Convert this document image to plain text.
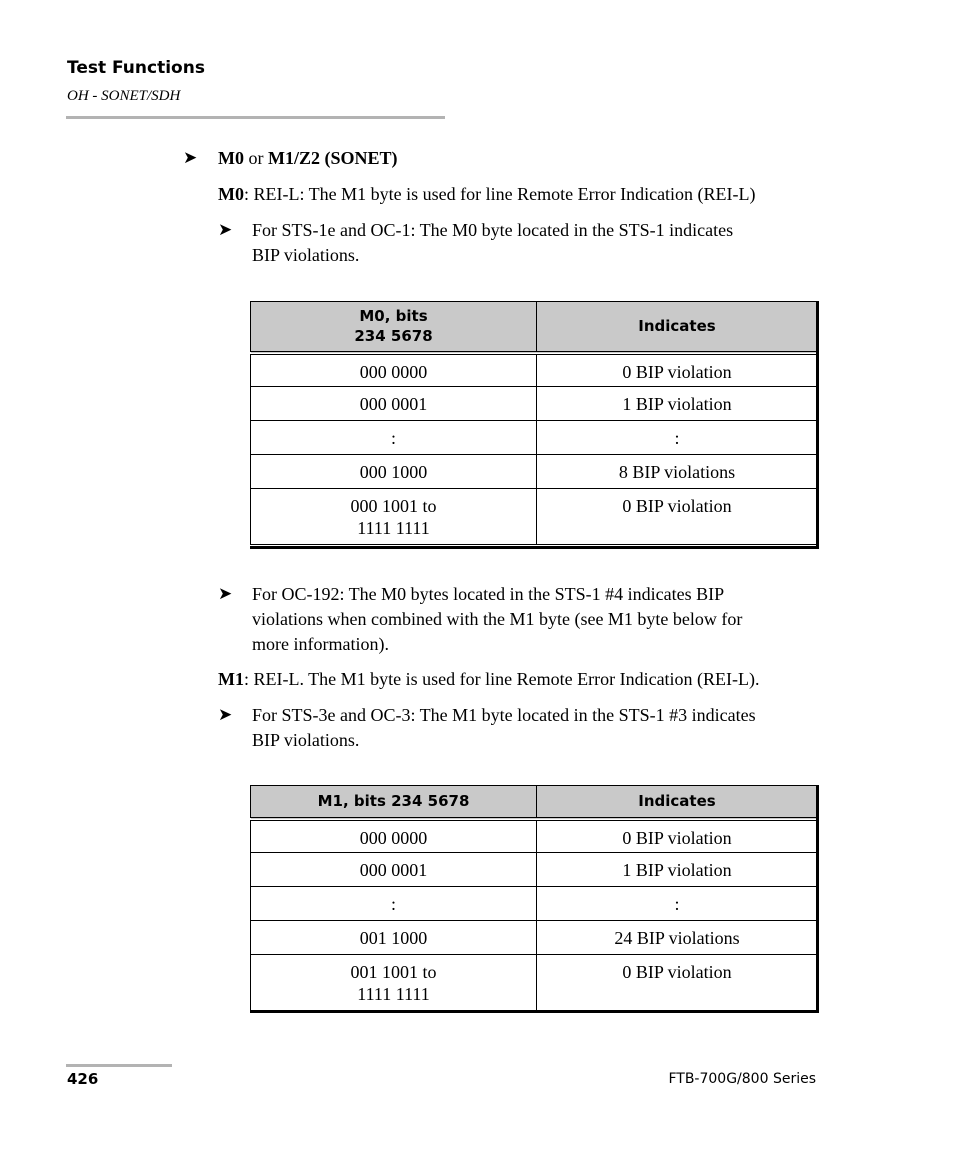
Test Functions
OH - SONET/SDH
➤ M0 or M1/Z2 (SONET)
M0: REI-L: The M1 byte is used for line Remote Error Indication (REI-L)
➤ For STS-1e and OC-1: The M0 byte located in the STS-1 indicates
BIP violations.
M0, bits
234 5678	Indicates
000 0000	0 BIP violation
000 0001	1 BIP violation
:	:
000 1000	8 BIP violations

000 1001 to
1111 1111	0 BIP violation
➤ For OC-192: The M0 bytes located in the STS-1 #4 indicates BIP
violations when combined with the M1 byte (see M1 byte below for
more information).
M1: REI-L. The M1 byte is used for line Remote Error Indication (REI-L).
➤ For STS-3e and OC-3: The M1 byte located in the STS-1 #3 indicates
BIP violations.
M1, bits 234 5678	Indicates
000 0000	0 BIP violation
000 0001	1 BIP violation
:	:
001 1000	24 BIP violations

001 1001 to
1111 1111	0 BIP violation
426	FTB-700G/800 Series
